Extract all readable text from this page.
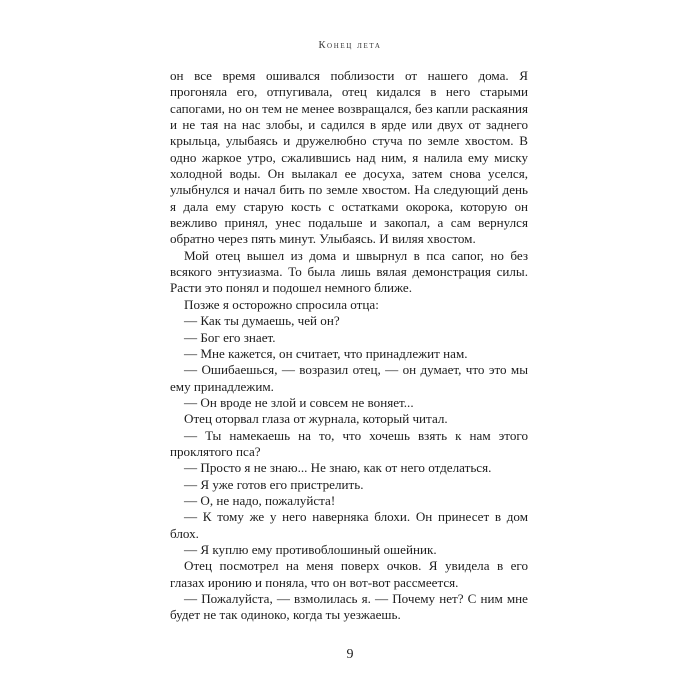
Конец лета

он все время ошивался поблизости от нашего дома. Я прогоняла его, отпугивала, отец кидался в него старыми сапогами, но он тем не менее возвращался, без капли раскаяния и не тая на нас злобы, и садился в ярде или двух от заднего крыльца, улыбаясь и дружелюбно стуча по земле хвостом. В одно жаркое утро, сжалившись над ним, я налила ему миску холодной воды. Он вылакал ее досуха, затем снова уселся, улыбнулся и начал бить по земле хвостом. На следующий день я дала ему старую кость с остатками окорока, которую он вежливо принял, унес подальше и закопал, а сам вернулся обратно через пять минут. Улыбаясь. И виляя хвостом.

Мой отец вышел из дома и швырнул в пса сапог, но без всякого энтузиазма. То была лишь вялая демонстрация силы. Расти это понял и подошел немного ближе.

Позже я осторожно спросила отца:

— Как ты думаешь, чей он?

— Бог его знает.

— Мне кажется, он считает, что принадлежит нам.

— Ошибаешься, — возразил отец, — он думает, что это мы ему принадлежим.

— Он вроде не злой и совсем не воняет...

Отец оторвал глаза от журнала, который читал.

— Ты намекаешь на то, что хочешь взять к нам этого проклятого пса?

— Просто я не знаю... Не знаю, как от него отделаться.

— Я уже готов его пристрелить.

— О, не надо, пожалуйста!

— К тому же у него наверняка блохи. Он принесет в дом блох.

— Я куплю ему противоблошиный ошейник.

Отец посмотрел на меня поверх очков. Я увидела в его глазах иронию и поняла, что он вот-вот рассмеется.

— Пожалуйста, — взмолилась я. — Почему нет? С ним мне будет не так одиноко, когда ты уезжаешь.

9
